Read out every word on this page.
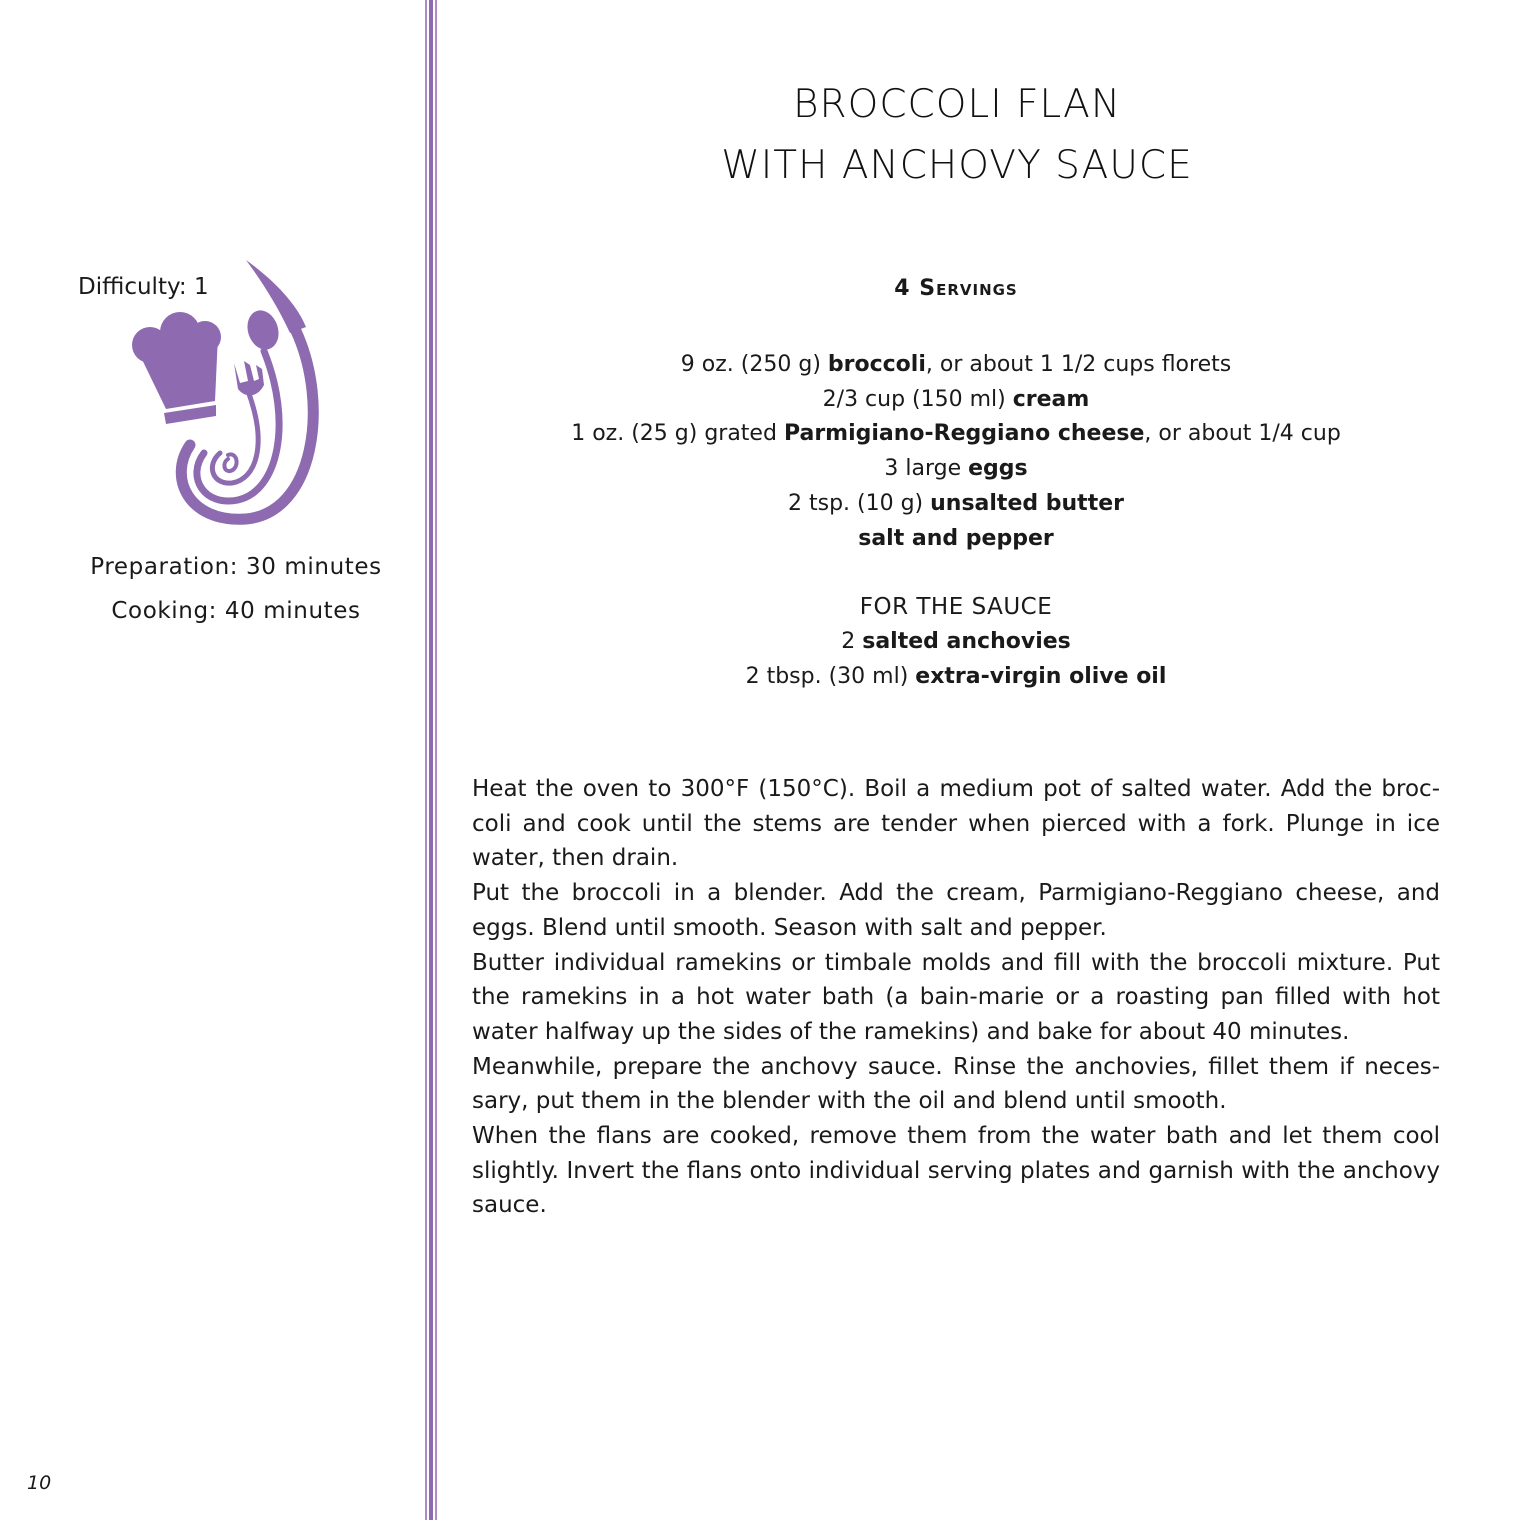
Difficulty: 1
Preparation: 30 minutes
Cooking: 40 minutes
10
BROCCOLI FLAN
WITH ANCHOVY SAUCE
4 Servings
9 oz. (250 g) broccoli, or about 1 1/2 cups florets
2/3 cup (150 ml) cream
1 oz. (25 g) grated Parmigiano-Reggiano cheese, or about 1/4 cup
3 large eggs
2 tsp. (10 g) unsalted butter
salt and pepper
FOR THE SAUCE
2 salted anchovies
2 tbsp. (30 ml) extra-virgin olive oil

Heat the oven to 300°F (150°C). Boil a medium pot of salted water. Add the broc-coli and cook until the stems are tender when pierced with a fork. Plunge in ice water, then drain.

Put the broccoli in a blender. Add the cream, Parmigiano-Reggiano cheese, and eggs. Blend until smooth. Season with salt and pepper.

Butter individual ramekins or timbale molds and fill with the broccoli mixture. Put the ramekins in a hot water bath (a bain-marie or a roasting pan filled with hot water halfway up the sides of the ramekins) and bake for about 40 minutes.

Meanwhile, prepare the anchovy sauce. Rinse the anchovies, fillet them if neces-sary, put them in the blender with the oil and blend until smooth.

When the flans are cooked, remove them from the water bath and let them cool slightly. Invert the flans onto individual serving plates and garnish with the anchovy sauce.
